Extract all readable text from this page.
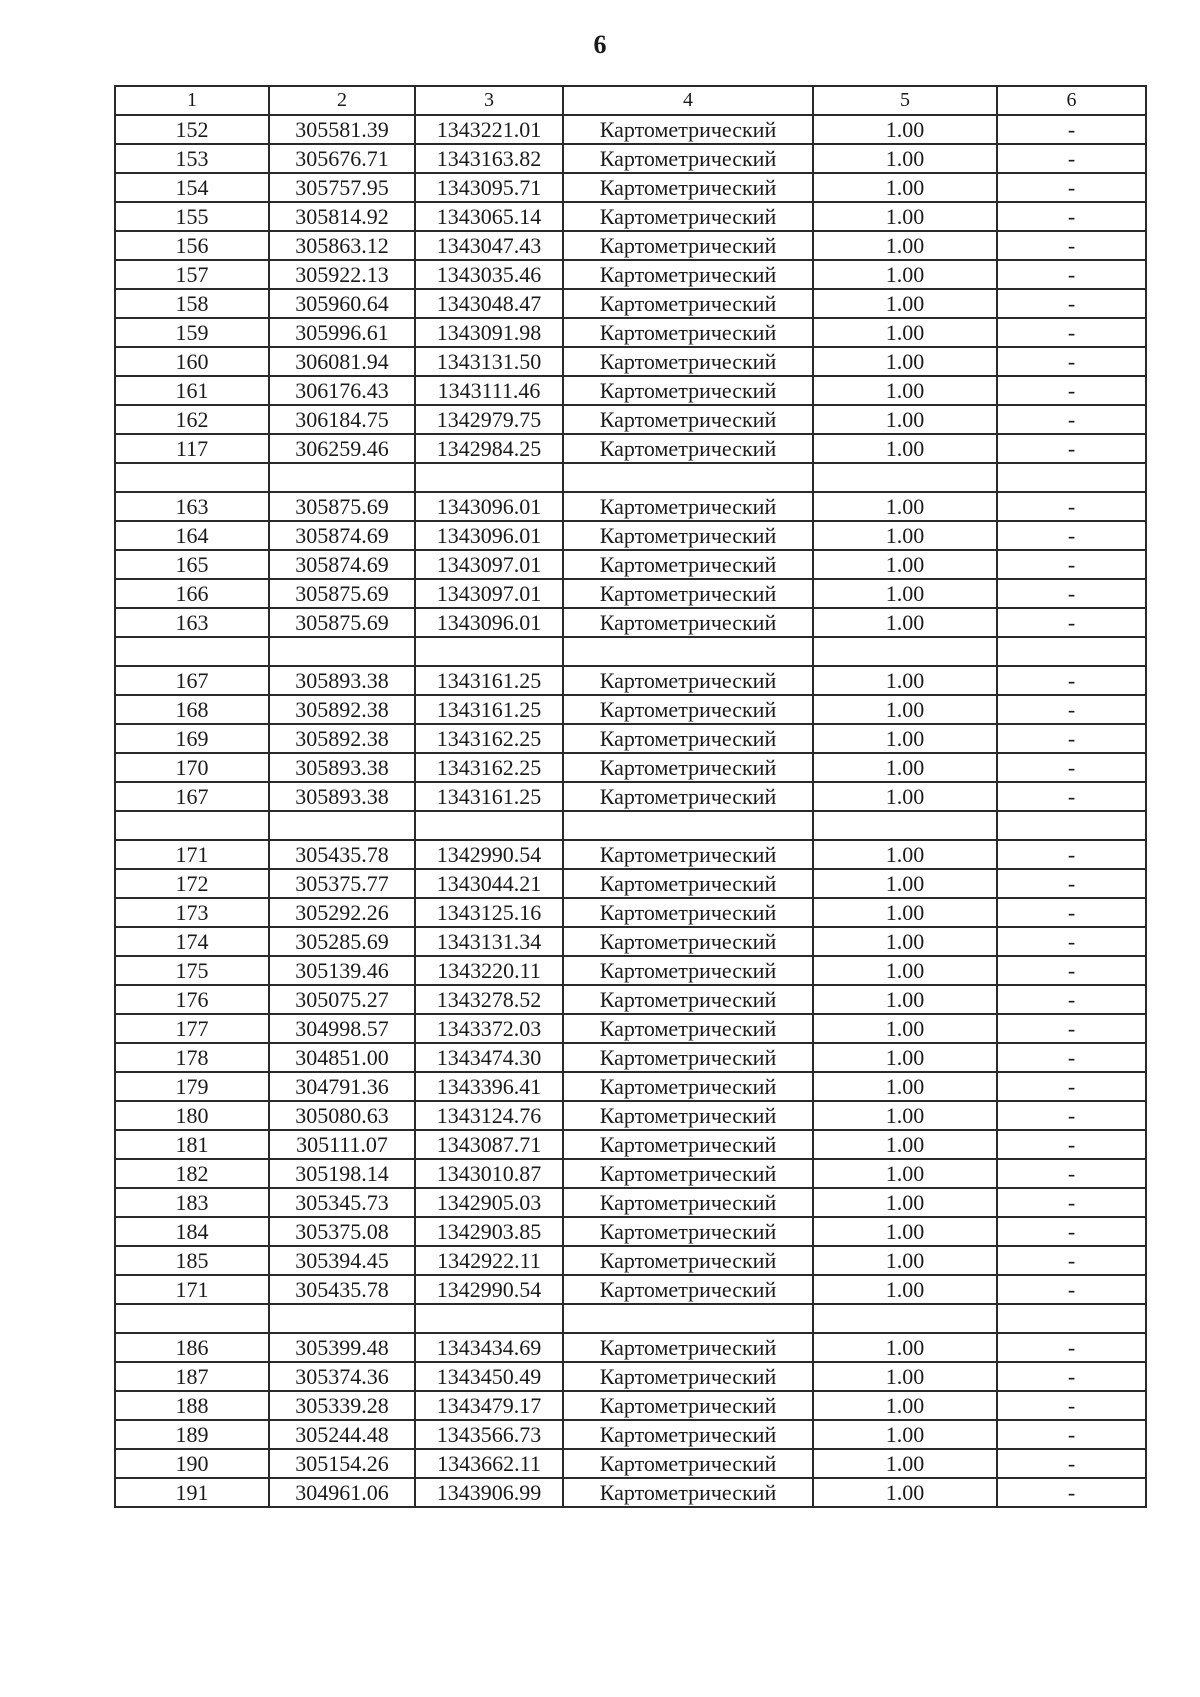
6
1	2	3	4	5	6
152	305581.39	1343221.01	Картометрический	1.00	-
153	305676.71	1343163.82	Картометрический	1.00	-
154	305757.95	1343095.71	Картометрический	1.00	-
155	305814.92	1343065.14	Картометрический	1.00	-
156	305863.12	1343047.43	Картометрический	1.00	-
157	305922.13	1343035.46	Картометрический	1.00	-
158	305960.64	1343048.47	Картометрический	1.00	-
159	305996.61	1343091.98	Картометрический	1.00	-
160	306081.94	1343131.50	Картометрический	1.00	-
161	306176.43	1343111.46	Картометрический	1.00	-
162	306184.75	1342979.75	Картометрический	1.00	-
117	306259.46	1342984.25	Картометрический	1.00	-

163	305875.69	1343096.01	Картометрический	1.00	-
164	305874.69	1343096.01	Картометрический	1.00	-
165	305874.69	1343097.01	Картометрический	1.00	-
166	305875.69	1343097.01	Картометрический	1.00	-
163	305875.69	1343096.01	Картометрический	1.00	-

167	305893.38	1343161.25	Картометрический	1.00	-
168	305892.38	1343161.25	Картометрический	1.00	-
169	305892.38	1343162.25	Картометрический	1.00	-
170	305893.38	1343162.25	Картометрический	1.00	-
167	305893.38	1343161.25	Картометрический	1.00	-

171	305435.78	1342990.54	Картометрический	1.00	-
172	305375.77	1343044.21	Картометрический	1.00	-
173	305292.26	1343125.16	Картометрический	1.00	-
174	305285.69	1343131.34	Картометрический	1.00	-
175	305139.46	1343220.11	Картометрический	1.00	-
176	305075.27	1343278.52	Картометрический	1.00	-
177	304998.57	1343372.03	Картометрический	1.00	-
178	304851.00	1343474.30	Картометрический	1.00	-
179	304791.36	1343396.41	Картометрический	1.00	-
180	305080.63	1343124.76	Картометрический	1.00	-
181	305111.07	1343087.71	Картометрический	1.00	-
182	305198.14	1343010.87	Картометрический	1.00	-
183	305345.73	1342905.03	Картометрический	1.00	-
184	305375.08	1342903.85	Картометрический	1.00	-
185	305394.45	1342922.11	Картометрический	1.00	-
171	305435.78	1342990.54	Картометрический	1.00	-

186	305399.48	1343434.69	Картометрический	1.00	-
187	305374.36	1343450.49	Картометрический	1.00	-
188	305339.28	1343479.17	Картометрический	1.00	-
189	305244.48	1343566.73	Картометрический	1.00	-
190	305154.26	1343662.11	Картометрический	1.00	-
191	304961.06	1343906.99	Картометрический	1.00	-
